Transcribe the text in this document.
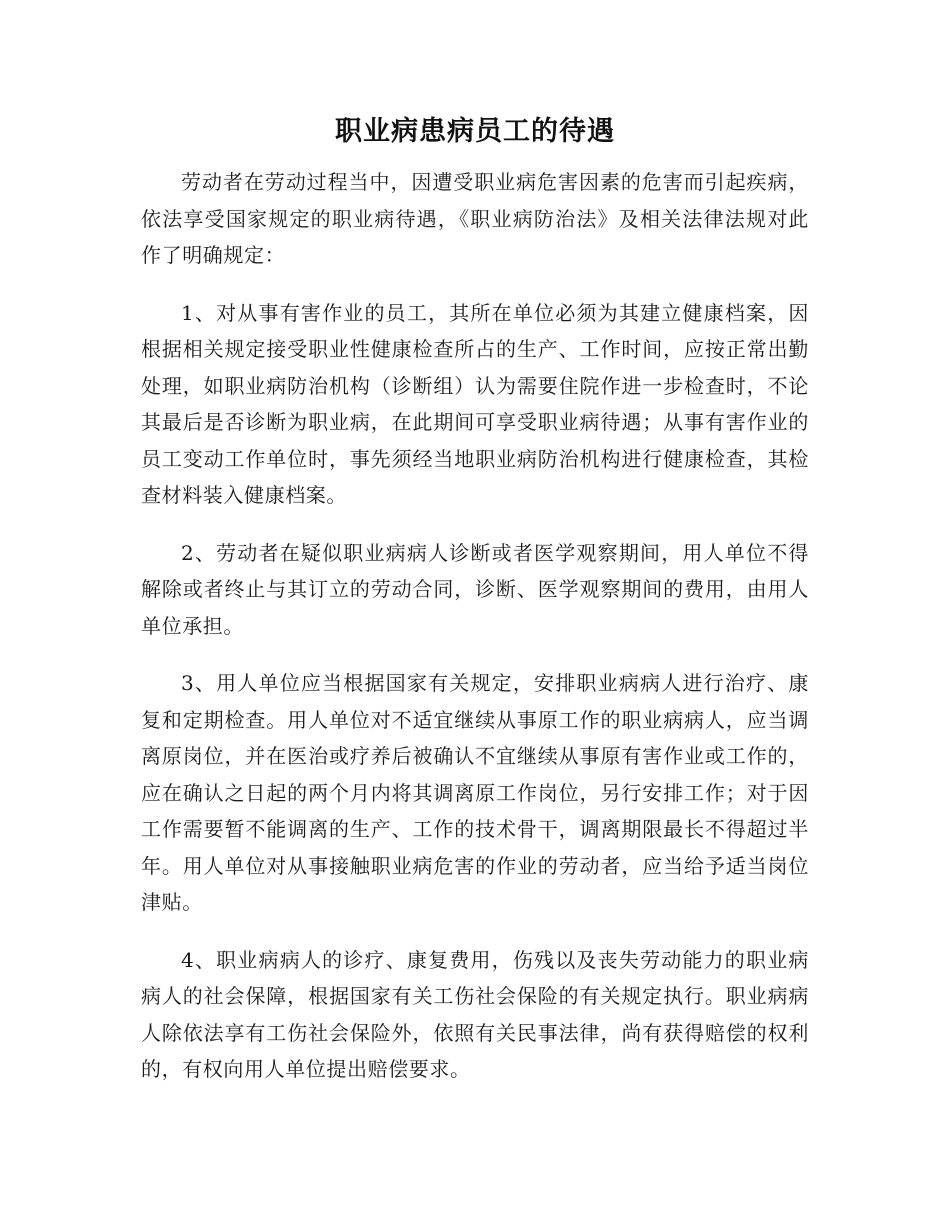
职业病患病员工的待遇

劳动者在劳动过程当中，因遭受职业病危害因素的危害而引起疾病，依法享受国家规定的职业病待遇，《职业病防治法》及相关法律法规对此作了明确规定：

1、对从事有害作业的员工，其所在单位必须为其建立健康档案，因根据相关规定接受职业性健康检查所占的生产、工作时间，应按正常出勤处理，如职业病防治机构（诊断组）认为需要住院作进一步检查时，不论其最后是否诊断为职业病，在此期间可享受职业病待遇；从事有害作业的员工变动工作单位时，事先须经当地职业病防治机构进行健康检查，其检查材料装入健康档案。

2、劳动者在疑似职业病病人诊断或者医学观察期间，用人单位不得解除或者终止与其订立的劳动合同，诊断、医学观察期间的费用，由用人单位承担。

3、用人单位应当根据国家有关规定，安排职业病病人进行治疗、康复和定期检查。用人单位对不适宜继续从事原工作的职业病病人，应当调离原岗位，并在医治或疗养后被确认不宜继续从事原有害作业或工作的，应在确认之日起的两个月内将其调离原工作岗位，另行安排工作；对于因工作需要暂不能调离的生产、工作的技术骨干，调离期限最长不得超过半年。用人单位对从事接触职业病危害的作业的劳动者，应当给予适当岗位津贴。

4、职业病病人的诊疗、康复费用，伤残以及丧失劳动能力的职业病病人的社会保障，根据国家有关工伤社会保险的有关规定执行。职业病病人除依法享有工伤社会保险外，依照有关民事法律，尚有获得赔偿的权利的，有权向用人单位提出赔偿要求。
